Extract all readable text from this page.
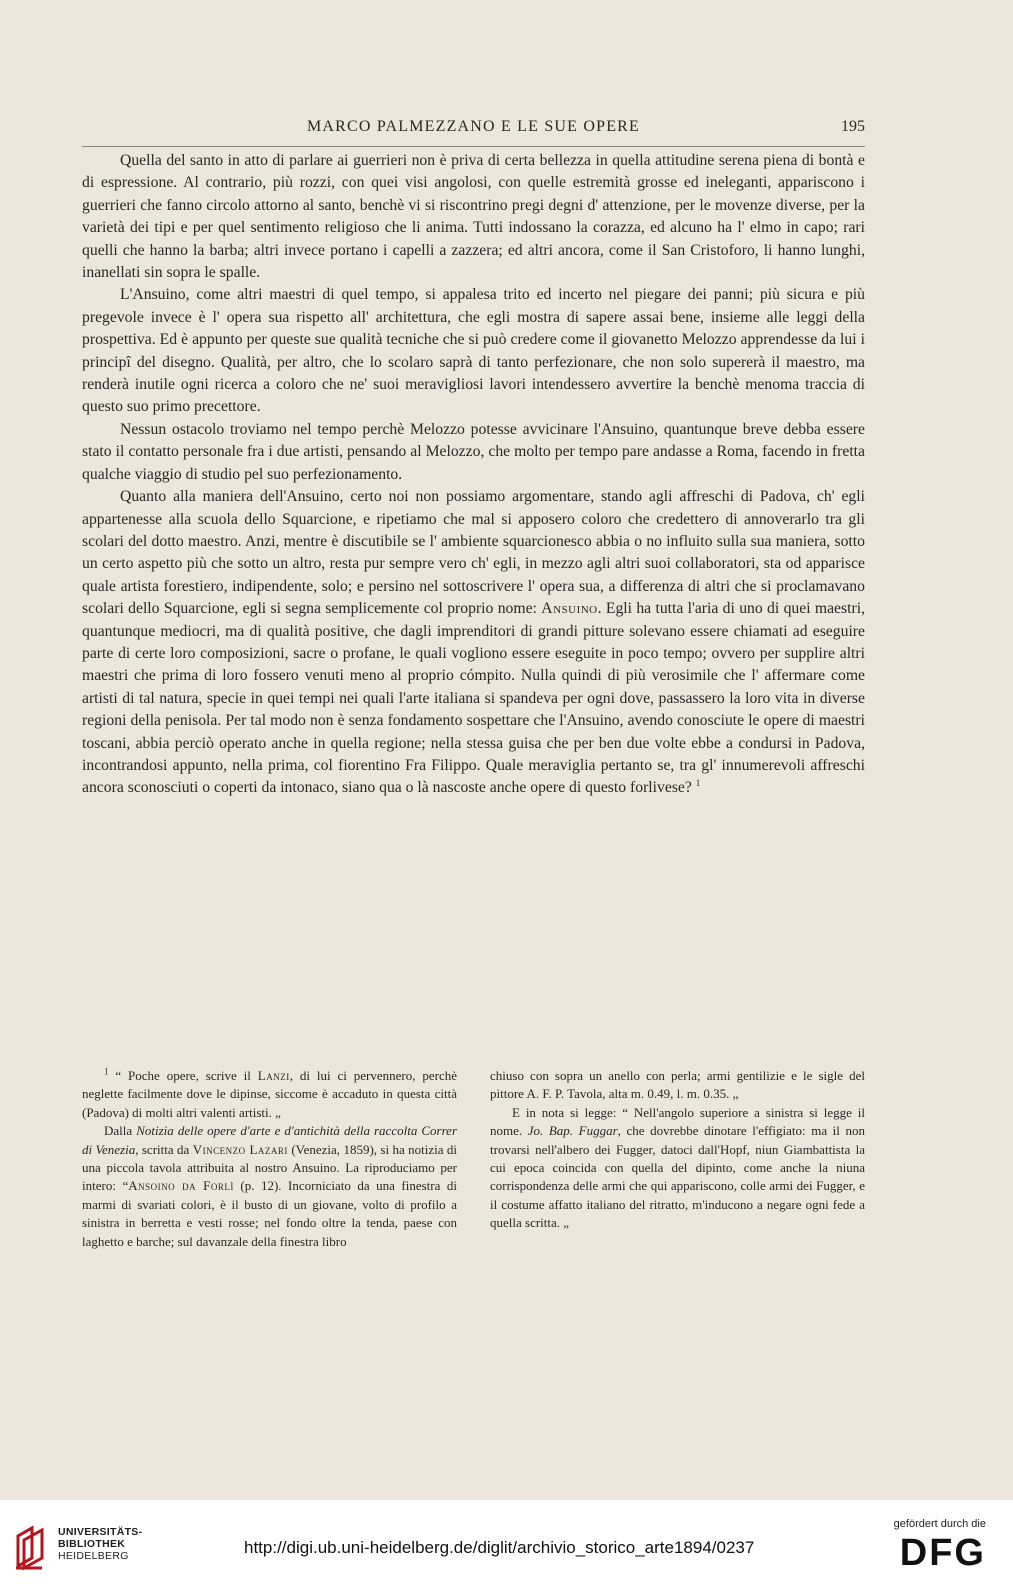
MARCO PALMEZZANO E LE SUE OPERE	195

Quella del santo in atto di parlare ai guerrieri non è priva di certa bellezza in quella attitudine serena piena di bontà e di espressione. Al contrario, più rozzi, con quei visi angolosi, con quelle estremità grosse ed ineleganti, appariscono i guerrieri che fanno circolo attorno al santo, benchè vi si riscontrino pregi degni d' attenzione, per le movenze diverse, per la varietà dei tipi e per quel sentimento religioso che li anima. Tutti indossano la corazza, ed alcuno ha l' elmo in capo; rari quelli che hanno la barba; altri invece portano i capelli a zazzera; ed altri ancora, come il San Cristoforo, li hanno lunghi, inanellati sin sopra le spalle.

L'Ansuino, come altri maestri di quel tempo, si appalesa trito ed incerto nel piegare dei panni; più sicura e più pregevole invece è l' opera sua rispetto all' architettura, che egli mostra di sapere assai bene, insieme alle leggi della prospettiva. Ed è appunto per queste sue qualità tecniche che si può credere come il giovanetto Melozzo apprendesse da lui i principî del disegno. Qualità, per altro, che lo scolaro saprà di tanto perfezionare, che non solo supererà il maestro, ma renderà inutile ogni ricerca a coloro che ne' suoi meravigliosi lavori intendessero avvertire la benchè menoma traccia di questo suo primo precettore.

Nessun ostacolo troviamo nel tempo perchè Melozzo potesse avvicinare l'Ansuino, quantunque breve debba essere stato il contatto personale fra i due artisti, pensando al Melozzo, che molto per tempo pare andasse a Roma, facendo in fretta qualche viaggio di studio pel suo perfezionamento.

Quanto alla maniera dell'Ansuino, certo noi non possiamo argomentare, stando agli affreschi di Padova, ch' egli appartenesse alla scuola dello Squarcione, e ripetiamo che mal si apposero coloro che credettero di annoverarlo tra gli scolari del dotto maestro. Anzi, mentre è discutibile se l' ambiente squarcionesco abbia o no influito sulla sua maniera, sotto un certo aspetto più che sotto un altro, resta pur sempre vero ch' egli, in mezzo agli altri suoi collaboratori, sta od apparisce quale artista forestiero, indipendente, solo; e persino nel sottoscrivere l' opera sua, a differenza di altri che si proclamavano scolari dello Squarcione, egli si segna semplicemente col proprio nome: Ansuino. Egli ha tutta l'aria di uno di quei maestri, quantunque mediocri, ma di qualità positive, che dagli imprenditori di grandi pitture solevano essere chiamati ad eseguire parte di certe loro composizioni, sacre o profane, le quali vogliono essere eseguite in poco tempo; ovvero per supplire altri maestri che prima di loro fossero venuti meno al proprio cómpito. Nulla quindi di più verosimile che l' affermare come artisti di tal natura, specie in quei tempi nei quali l'arte italiana si spandeva per ogni dove, passassero la loro vita in diverse regioni della penisola. Per tal modo non è senza fondamento sospettare che l'Ansuino, avendo conosciute le opere di maestri toscani, abbia perciò operato anche in quella regione; nella stessa guisa che per ben due volte ebbe a condursi in Padova, incontrandosi appunto, nella prima, col fiorentino Fra Filippo. Quale meraviglia pertanto se, tra gl' innumerevoli affreschi ancora sconosciuti o coperti da intonaco, siano qua o là nascoste anche opere di questo forlivese? $^1$

$^1$ “ Poche opere, scrive il Lanzi, di lui ci pervennero, perchè neglette facilmente dove le dipinse, siccome è accaduto in questa città (Padova) di molti altri valenti artisti. „

Dalla Notizia delle opere d'arte e d'antichità della raccolta Correr di Venezia, scritta da Vincenzo Lazari (Venezia, 1859), si ha notizia di una piccola tavola attribuita al nostro Ansuino. La riproduciamo per intero: “Ansoino da Forlì (p. 12). Incorniciato da una finestra di marmi di svariati colori, è il busto di un giovane, volto di profilo a sinistra in berretta e vesti rosse; nel fondo oltre la tenda, paese con laghetto e barche; sul davanzale della finestra libro

chiuso con sopra un anello con perla; armi gentilizie e le sigle del pittore A. F. P. Tavola, alta m. 0.49, l. m. 0.35. „

E in nota si legge: “ Nell'angolo superiore a sinistra si legge il nome. Jo. Bap. Fuggar, che dovrebbe dinotare l'effigiato: ma il non trovarsi nell'albero dei Fugger, datoci dall'Hopf, niun Giambattista la cui epoca coincida con quella del dipinto, come anche la niuna corrispondenza delle armi che qui appariscono, colle armi dei Fugger, e il costume affatto italiano del ritratto, m'inducono a negare ogni fede a quella scritta. „

UNIVERSITÄTS-
BIBLIOTHEK
HEIDELBERG	http://digi.ub.uni-heidelberg.de/diglit/archivio_storico_arte1894/0237
gefördert durch die
DFG
